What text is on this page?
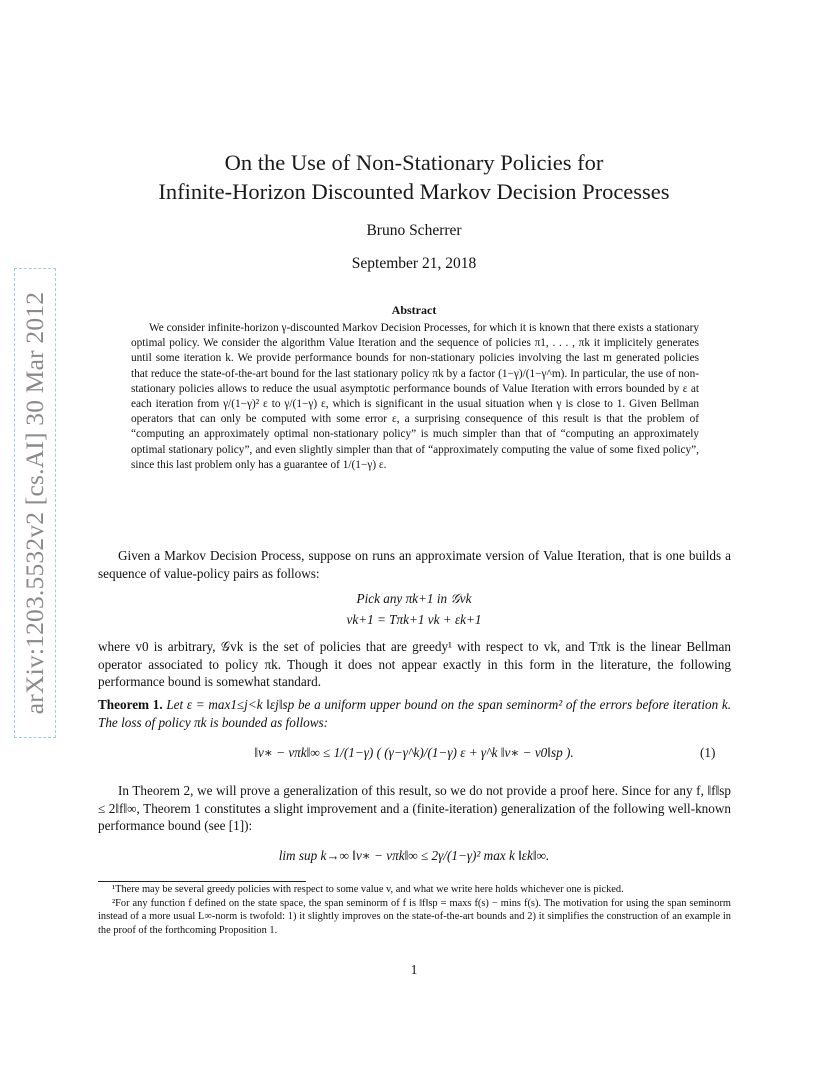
arXiv:1203.5532v2 [cs.AI] 30 Mar 2012
On the Use of Non-Stationary Policies for
Infinite-Horizon Discounted Markov Decision Processes
Bruno Scherrer
September 21, 2018
Abstract

We consider infinite-horizon γ-discounted Markov Decision Processes, for which it is known that there exists a stationary optimal policy. We consider the algorithm Value Iteration and the sequence of policies π1, . . . , πk it implicitely generates until some iteration k. We provide performance bounds for non-stationary policies involving the last m generated policies that reduce the state-of-the-art bound for the last stationary policy πk by a factor (1−γ)/(1−γ^m). In particular, the use of non-stationary policies allows to reduce the usual asymptotic performance bounds of Value Iteration with errors bounded by ε at each iteration from γ/(1−γ)² ε to γ/(1−γ) ε, which is significant in the usual situation when γ is close to 1. Given Bellman operators that can only be computed with some error ε, a surprising consequence of this result is that the problem of “computing an approximately optimal non-stationary policy” is much simpler than that of “computing an approximately optimal stationary policy”, and even slightly simpler than that of “approximately computing the value of some fixed policy”, since this last problem only has a guarantee of 1/(1−γ) ε.

Given a Markov Decision Process, suppose on runs an approximate version of Value Iteration, that is one builds a sequence of value-policy pairs as follows:

Pick any πk+1 in 𝒢vk
vk+1 = Tπk+1 vk + εk+1

where v0 is arbitrary, 𝒢vk is the set of policies that are greedy¹ with respect to vk, and Tπk is the linear Bellman operator associated to policy πk. Though it does not appear exactly in this form in the literature, the following performance bound is somewhat standard.

Theorem 1. Let ε = max1≤j<k ‖εj‖sp be a uniform upper bound on the span seminorm² of the errors before iteration k. The loss of policy πk is bounded as follows:

‖v∗ − vπk‖∞ ≤ 1/(1−γ) ( (γ−γ^k)/(1−γ) ε + γ^k ‖v∗ − v0‖sp ).	(1)

In Theorem 2, we will prove a generalization of this result, so we do not provide a proof here. Since for any f, ‖f‖sp ≤ 2‖f‖∞, Theorem 1 constitutes a slight improvement and a (finite-iteration) generalization of the following well-known performance bound (see [1]):

lim sup k→∞ ‖v∗ − vπk‖∞ ≤ 2γ/(1−γ)² max k ‖εk‖∞.

¹There may be several greedy policies with respect to some value v, and what we write here holds whichever one is picked.

²For any function f defined on the state space, the span seminorm of f is ‖f‖sp = maxs f(s) − mins f(s). The motivation for using the span seminorm instead of a more usual L∞-norm is twofold: 1) it slightly improves on the state-of-the-art bounds and 2) it simplifies the construction of an example in the proof of the forthcoming Proposition 1.

1
